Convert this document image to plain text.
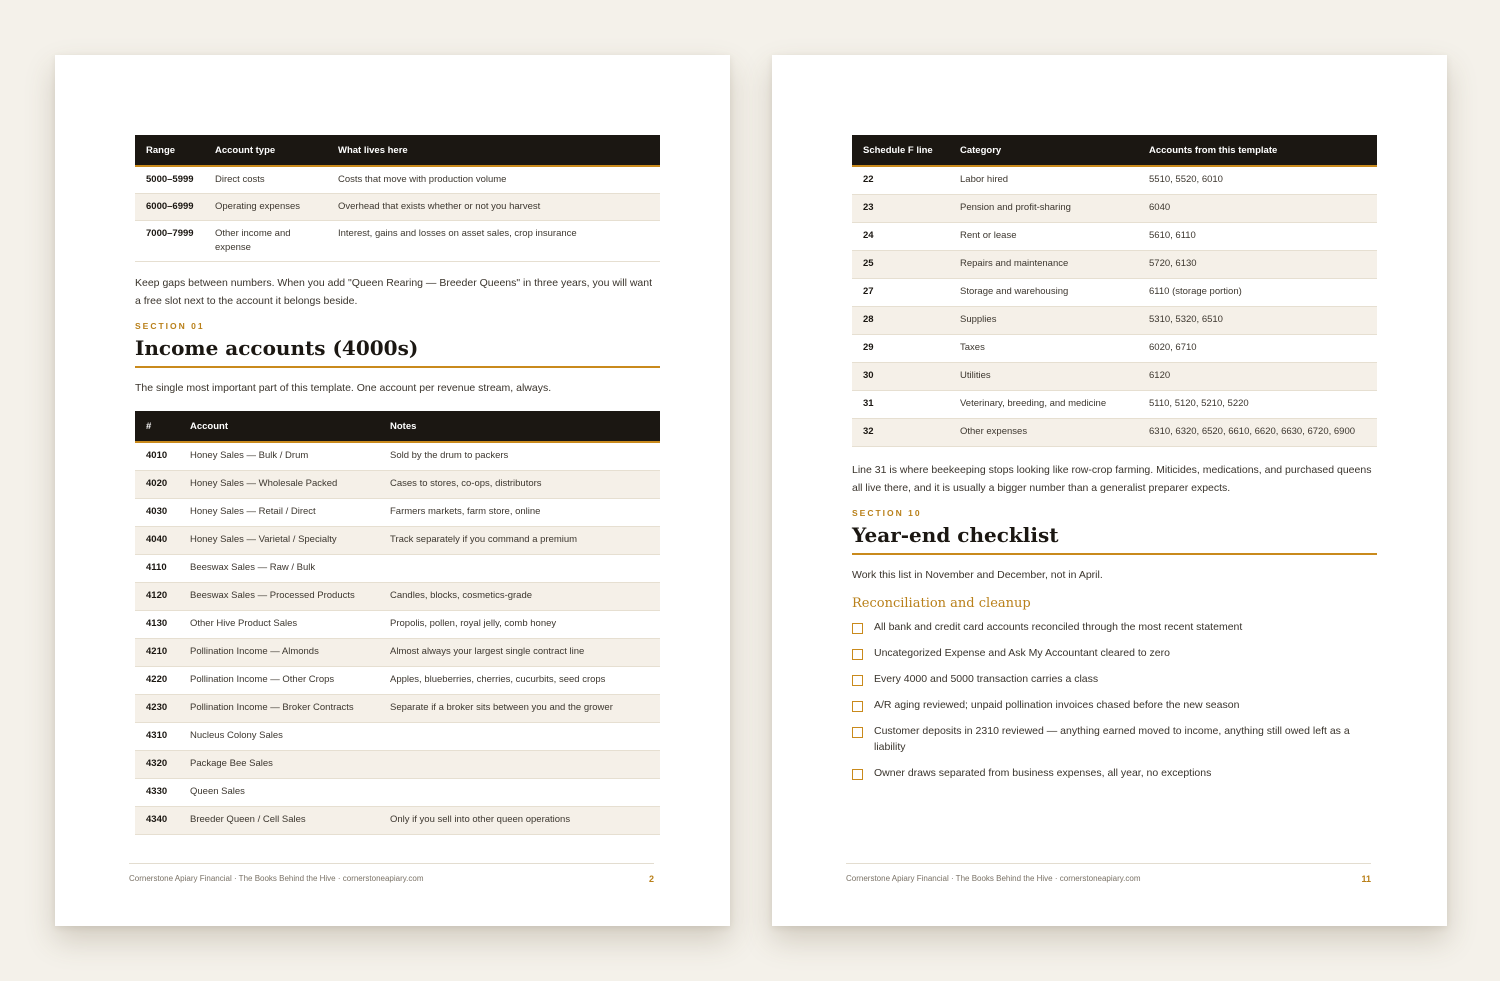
Range	Account type	What lives here
5000–5999	Direct costs	Costs that move with production volume
6000–6999	Operating expenses	Overhead that exists whether or not you harvest
7000–7999	Other income and expense	Interest, gains and losses on asset sales, crop insurance

Keep gaps between numbers. When you add "Queen Rearing — Breeder Queens" in three years, you will want a free slot next to the account it belongs beside.

SECTION 01
Income accounts (4000s)

The single most important part of this template. One account per revenue stream, always.

#	Account	Notes
4010	Honey Sales — Bulk / Drum	Sold by the drum to packers
4020	Honey Sales — Wholesale Packed	Cases to stores, co-ops, distributors
4030	Honey Sales — Retail / Direct	Farmers markets, farm store, online
4040	Honey Sales — Varietal / Specialty	Track separately if you command a premium
4110	Beeswax Sales — Raw / Bulk	
4120	Beeswax Sales — Processed Products	Candles, blocks, cosmetics-grade
4130	Other Hive Product Sales	Propolis, pollen, royal jelly, comb honey
4210	Pollination Income — Almonds	Almost always your largest single contract line
4220	Pollination Income — Other Crops	Apples, blueberries, cherries, cucurbits, seed crops
4230	Pollination Income — Broker Contracts	Separate if a broker sits between you and the grower
4310	Nucleus Colony Sales	
4320	Package Bee Sales	
4330	Queen Sales	
4340	Breeder Queen / Cell Sales	Only if you sell into other queen operations
Cornerstone Apiary Financial · The Books Behind the Hive · cornerstoneapiary.com	2
Schedule F line	Category	Accounts from this template
22	Labor hired	5510, 5520, 6010
23	Pension and profit-sharing	6040
24	Rent or lease	5610, 6110
25	Repairs and maintenance	5720, 6130
27	Storage and warehousing	6110 (storage portion)
28	Supplies	5310, 5320, 6510
29	Taxes	6020, 6710
30	Utilities	6120
31	Veterinary, breeding, and medicine	5110, 5120, 5210, 5220
32	Other expenses	6310, 6320, 6520, 6610, 6620, 6630, 6720, 6900

Line 31 is where beekeeping stops looking like row-crop farming. Miticides, medications, and purchased queens all live there, and it is usually a bigger number than a generalist preparer expects.

SECTION 10
Year-end checklist

Work this list in November and December, not in April.

Reconciliation and cleanup
All bank and credit card accounts reconciled through the most recent statement
Uncategorized Expense and Ask My Accountant cleared to zero
Every 4000 and 5000 transaction carries a class
A/R aging reviewed; unpaid pollination invoices chased before the new season
Customer deposits in 2310 reviewed — anything earned moved to income, anything still owed left as a liability
Owner draws separated from business expenses, all year, no exceptions
Cornerstone Apiary Financial · The Books Behind the Hive · cornerstoneapiary.com	11
